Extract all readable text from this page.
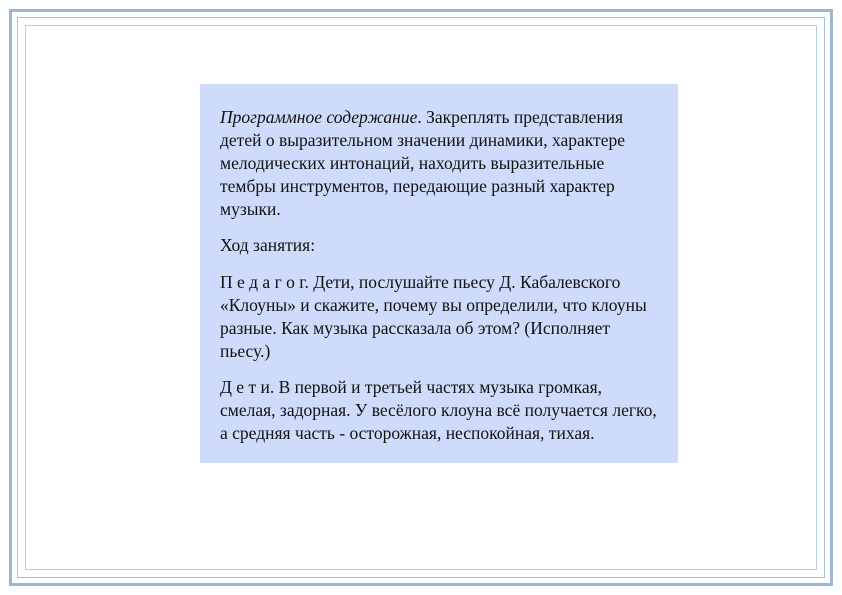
Программное содержание. Закреплять представления детей о выразительном значении динамики, характере мелодических интонаций, находить выразительные тембры инструментов, передающие разный характер музыки.

Ход занятия:

П е д а г о г. Дети, послушайте пьесу Д. Кабалевского «Клоуны» и скажите, почему вы определили, что клоуны разные. Как музыка рассказала об этом? (Исполняет пьесу.)

Д е т и. В первой и третьей частях музыка громкая, смелая, задорная. У весёлого клоуна всё получается легко, а средняя часть - осторожная, неспокойная, тихая.
